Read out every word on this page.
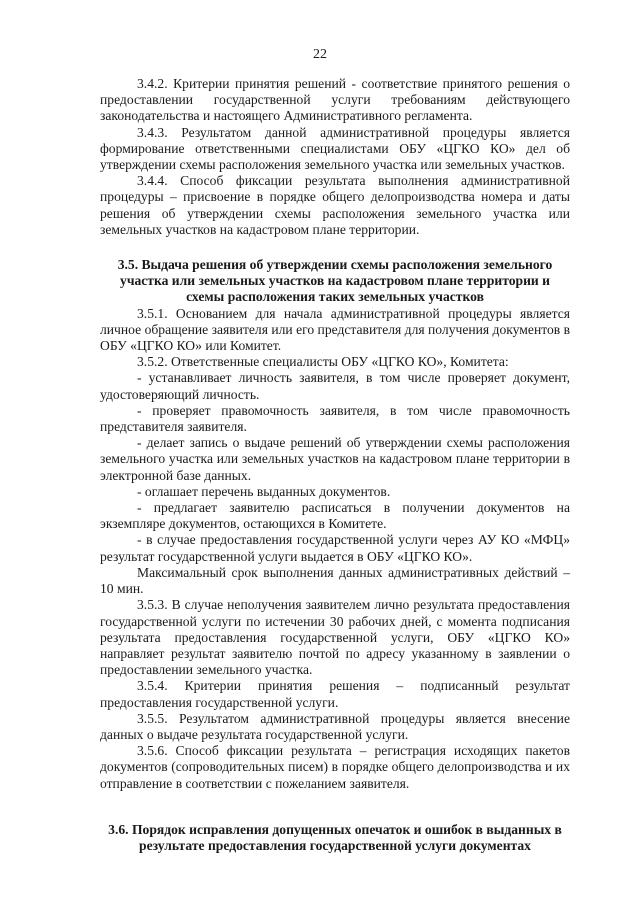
22

3.4.2. Критерии принятия решений - соответствие принятого решения о предоставлении государственной услуги требованиям действующего законодательства и настоящего Административного регламента.

3.4.3. Результатом данной административной процедуры является формирование ответственными специалистами ОБУ «ЦГКО КО» дел об утверждении схемы расположения земельного участка или земельных участков.

3.4.4. Способ фиксации результата выполнения административной процедуры – присвоение в порядке общего делопроизводства номера и даты решения об утверждении схемы расположения земельного участка или земельных участков на кадастровом плане территории.

3.5. Выдача решения об утверждении схемы расположения земельного участка или земельных участков на кадастровом плане территории и схемы расположения таких земельных участков

3.5.1. Основанием для начала административной процедуры является личное обращение заявителя или его представителя для получения документов в ОБУ «ЦГКО КО» или Комитет.

3.5.2. Ответственные специалисты ОБУ «ЦГКО КО», Комитета:

- устанавливает личность заявителя, в том числе проверяет документ, удостоверяющий личность.

- проверяет правомочность заявителя, в том числе правомочность представителя заявителя.

- делает запись о выдаче решений об утверждении схемы расположения земельного участка или земельных участков на кадастровом плане территории в электронной базе данных.

- оглашает перечень выданных документов.

- предлагает заявителю расписаться в получении документов на экземпляре документов, остающихся в Комитете.

- в случае предоставления государственной услуги через АУ КО «МФЦ» результат государственной услуги выдается в ОБУ «ЦГКО КО».

Максимальный срок выполнения данных административных действий – 10 мин.

3.5.3. В случае неполучения заявителем лично результата предоставления государственной услуги по истечении 30 рабочих дней, с момента подписания результата предоставления государственной услуги, ОБУ «ЦГКО КО» направляет результат заявителю почтой по адресу указанному в заявлении о предоставлении земельного участка.

3.5.4. Критерии принятия решения – подписанный результат предоставления государственной услуги.

3.5.5. Результатом административной процедуры является внесение данных о выдаче результата государственной услуги.

3.5.6. Способ фиксации результата – регистрация исходящих пакетов документов (сопроводительных писем) в порядке общего делопроизводства и их отправление в соответствии с пожеланием заявителя.

3.6. Порядок исправления допущенных опечаток и ошибок в выданных в результате предоставления государственной услуги документах
